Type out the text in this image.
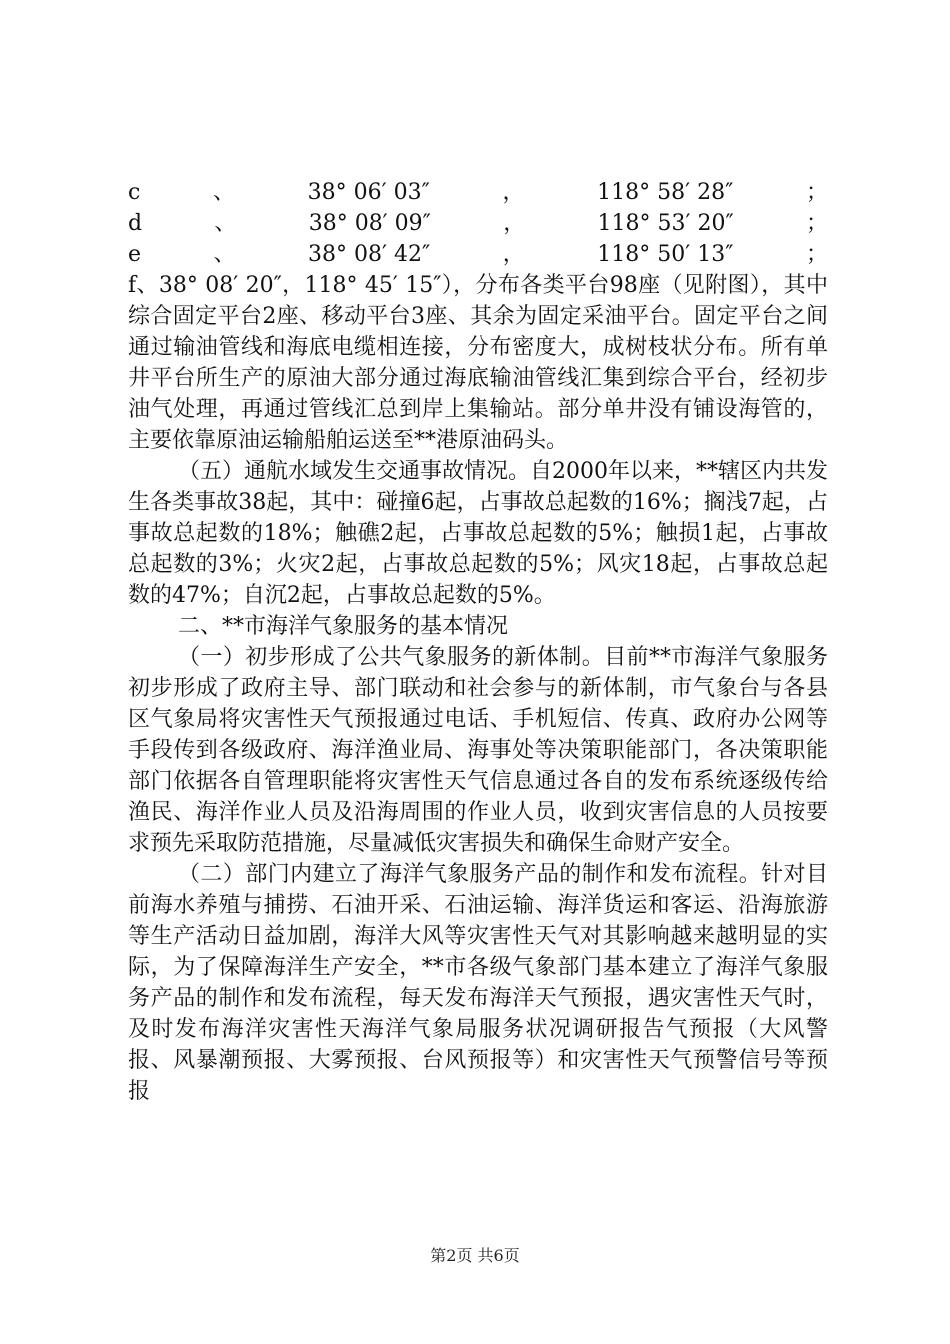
c	、	38° 06′ 03″	，	118° 58′ 28″	；
d	、	38° 08′ 09″	，	118° 53′ 20″	；
e	、	38° 08′ 42″	，	118° 50′ 13″	；

f、38° 08′ 20″，118° 45′ 15″），分布各类平台98座（见附图），其中综合固定平台2座、移动平台3座、其余为固定采油平台。固定平台之间通过输油管线和海底电缆相连接，分布密度大，成树枝状分布。所有单井平台所生产的原油大部分通过海底输油管线汇集到综合平台，经初步油气处理，再通过管线汇总到岸上集输站。部分单井没有铺设海管的，主要依靠原油运输船舶运送至**港原油码头。

（五）通航水域发生交通事故情况。自2000年以来，**辖区内共发生各类事故38起，其中：碰撞6起，占事故总起数的16%；搁浅7起，占事故总起数的18%；触礁2起，占事故总起数的5%；触损1起，占事故总起数的3%；火灾2起，占事故总起数的5%；风灾18起，占事故总起数的47%；自沉2起，占事故总起数的5%。

二、**市海洋气象服务的基本情况

（一）初步形成了公共气象服务的新体制。目前**市海洋气象服务初步形成了政府主导、部门联动和社会参与的新体制，市气象台与各县区气象局将灾害性天气预报通过电话、手机短信、传真、政府办公网等手段传到各级政府、海洋渔业局、海事处等决策职能部门，各决策职能部门依据各自管理职能将灾害性天气信息通过各自的发布系统逐级传给渔民、海洋作业人员及沿海周围的作业人员，收到灾害信息的人员按要求预先采取防范措施，尽量减低灾害损失和确保生命财产安全。

（二）部门内建立了海洋气象服务产品的制作和发布流程。针对目前海水养殖与捕捞、石油开采、石油运输、海洋货运和客运、沿海旅游等生产活动日益加剧，海洋大风等灾害性天气对其影响越来越明显的实际，为了保障海洋生产安全，**市各级气象部门基本建立了海洋气象服务产品的制作和发布流程，每天发布海洋天气预报，遇灾害性天气时，及时发布海洋灾害性天海洋气象局服务状况调研报告气预报（大风警报、风暴潮预报、大雾预报、台风预报等）和灾害性天气预警信号等预报

第2页 共6页
